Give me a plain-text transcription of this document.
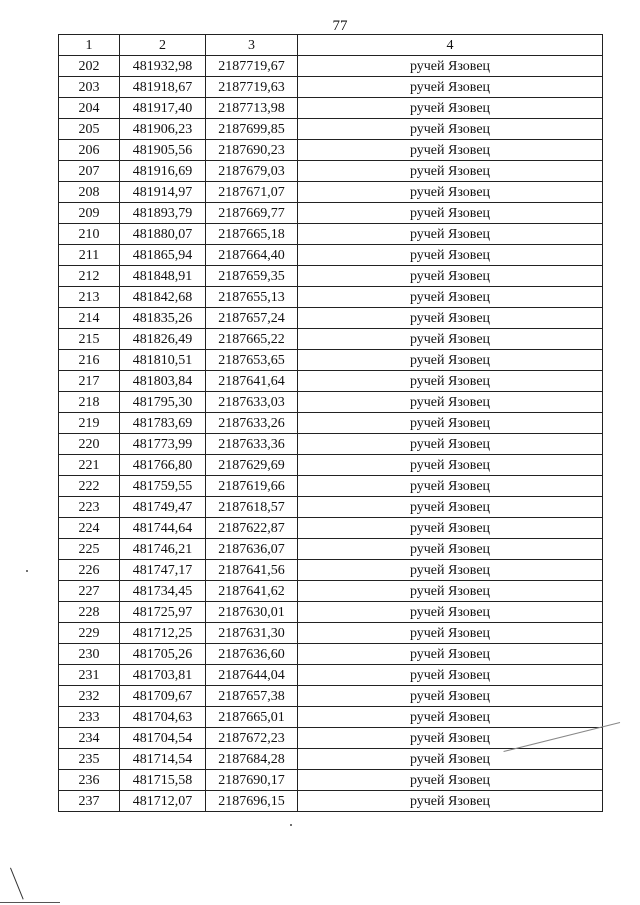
77
1	2	3	4
202	481932,98	2187719,67	ручей Язовец
203	481918,67	2187719,63	ручей Язовец
204	481917,40	2187713,98	ручей Язовец
205	481906,23	2187699,85	ручей Язовец
206	481905,56	2187690,23	ручей Язовец
207	481916,69	2187679,03	ручей Язовец
208	481914,97	2187671,07	ручей Язовец
209	481893,79	2187669,77	ручей Язовец
210	481880,07	2187665,18	ручей Язовец
211	481865,94	2187664,40	ручей Язовец
212	481848,91	2187659,35	ручей Язовец
213	481842,68	2187655,13	ручей Язовец
214	481835,26	2187657,24	ручей Язовец
215	481826,49	2187665,22	ручей Язовец
216	481810,51	2187653,65	ручей Язовец
217	481803,84	2187641,64	ручей Язовец
218	481795,30	2187633,03	ручей Язовец
219	481783,69	2187633,26	ручей Язовец
220	481773,99	2187633,36	ручей Язовец
221	481766,80	2187629,69	ручей Язовец
222	481759,55	2187619,66	ручей Язовец
223	481749,47	2187618,57	ручей Язовец
224	481744,64	2187622,87	ручей Язовец
225	481746,21	2187636,07	ручей Язовец
226	481747,17	2187641,56	ручей Язовец
227	481734,45	2187641,62	ручей Язовец
228	481725,97	2187630,01	ручей Язовец
229	481712,25	2187631,30	ручей Язовец
230	481705,26	2187636,60	ручей Язовец
231	481703,81	2187644,04	ручей Язовец
232	481709,67	2187657,38	ручей Язовец
233	481704,63	2187665,01	ручей Язовец
234	481704,54	2187672,23	ручей Язовец
235	481714,54	2187684,28	ручей Язовец
236	481715,58	2187690,17	ручей Язовец
237	481712,07	2187696,15	ручей Язовец
